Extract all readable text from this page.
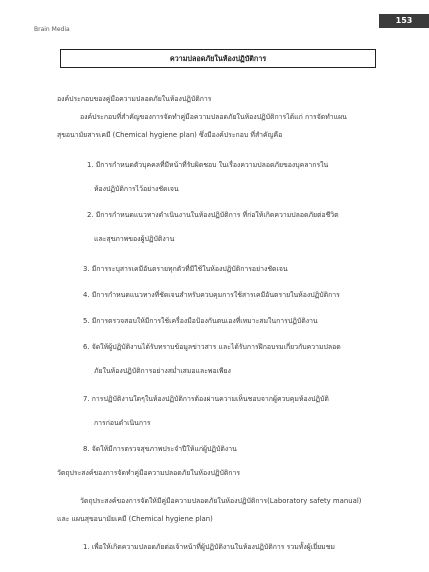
Brain Media
153
ความปลอดภัยในห้องปฏิบัติการ
องค์ประกอบของคู่มือความปลอดภัยในห้องปฏิบัติการ
องค์ประกอบที่สำคัญของการจัดทำคู่มือความปลอดภัยในห้องปฏิบัติการได้แก่ การจัดทำแผน
สุขอนามัยสารเคมี (Chemical hygiene plan) ซึ่งมีองค์ประกอบ ที่สำคัญคือ
1. มีการกำหนดตัวบุคคลที่มีหน้าที่รับผิดชอบ ในเรื่องความปลอดภัยของบุคลากรใน
ห้องปฏิบัติการไว้อย่างชัดเจน
2. มีการกำหนดแนวทางดำเนินงานในห้องปฏิบัติการ ที่ก่อให้เกิดความปลอดภัยต่อชีวิต
และสุขภาพของผู้ปฏิบัติงาน
3. มีการระบุสารเคมีอันตรายทุกตัวที่มีใช้ในห้องปฏิบัติการอย่างชัดเจน
4. มีการกำหนดแนวทางที่ชัดเจนสำหรับควบคุมการใช้สารเคมีอันตรายในห้องปฏิบัติการ
5. มีการตรวจสอบให้มีการใช้เครื่องมือป้องกันตนเองที่เหมาะสมในการปฏิบัติงาน
6. จัดให้ผู้ปฏิบัติงานได้รับทราบข้อมูลข่าวสาร และได้รับการฝึกอบรมเกี่ยวกับความปลอด
ภัยในห้องปฏิบัติการอย่างสม่ำเสมอและพอเพียง
7. การปฏิบัติงานใดๆในห้องปฏิบัติการต้องผ่านความเห็นชอบจากผู้ควบคุมห้องปฏิบัติ
การก่อนดำเนินการ
8. จัดให้มีการตรวจสุขภาพประจำปีให้แก่ผู้ปฏิบัติงาน
วัตถุประสงค์ของการจัดทำคู่มือความปลอดภัยในห้องปฏิบัติการ
วัตถุประสงค์ของการจัดให้มีคู่มือความปลอดภัยในห้องปฏิบัติการ(Laboratory safety manual)
และ แผนสุขอนามัยเคมี (Chemical hygiene plan)
1. เพื่อให้เกิดความปลอดภัยต่อเจ้าหน้าที่ผู้ปฏิบัติงานในห้องปฏิบัติการ รวมทั้งผู้เยี่ยมชม
